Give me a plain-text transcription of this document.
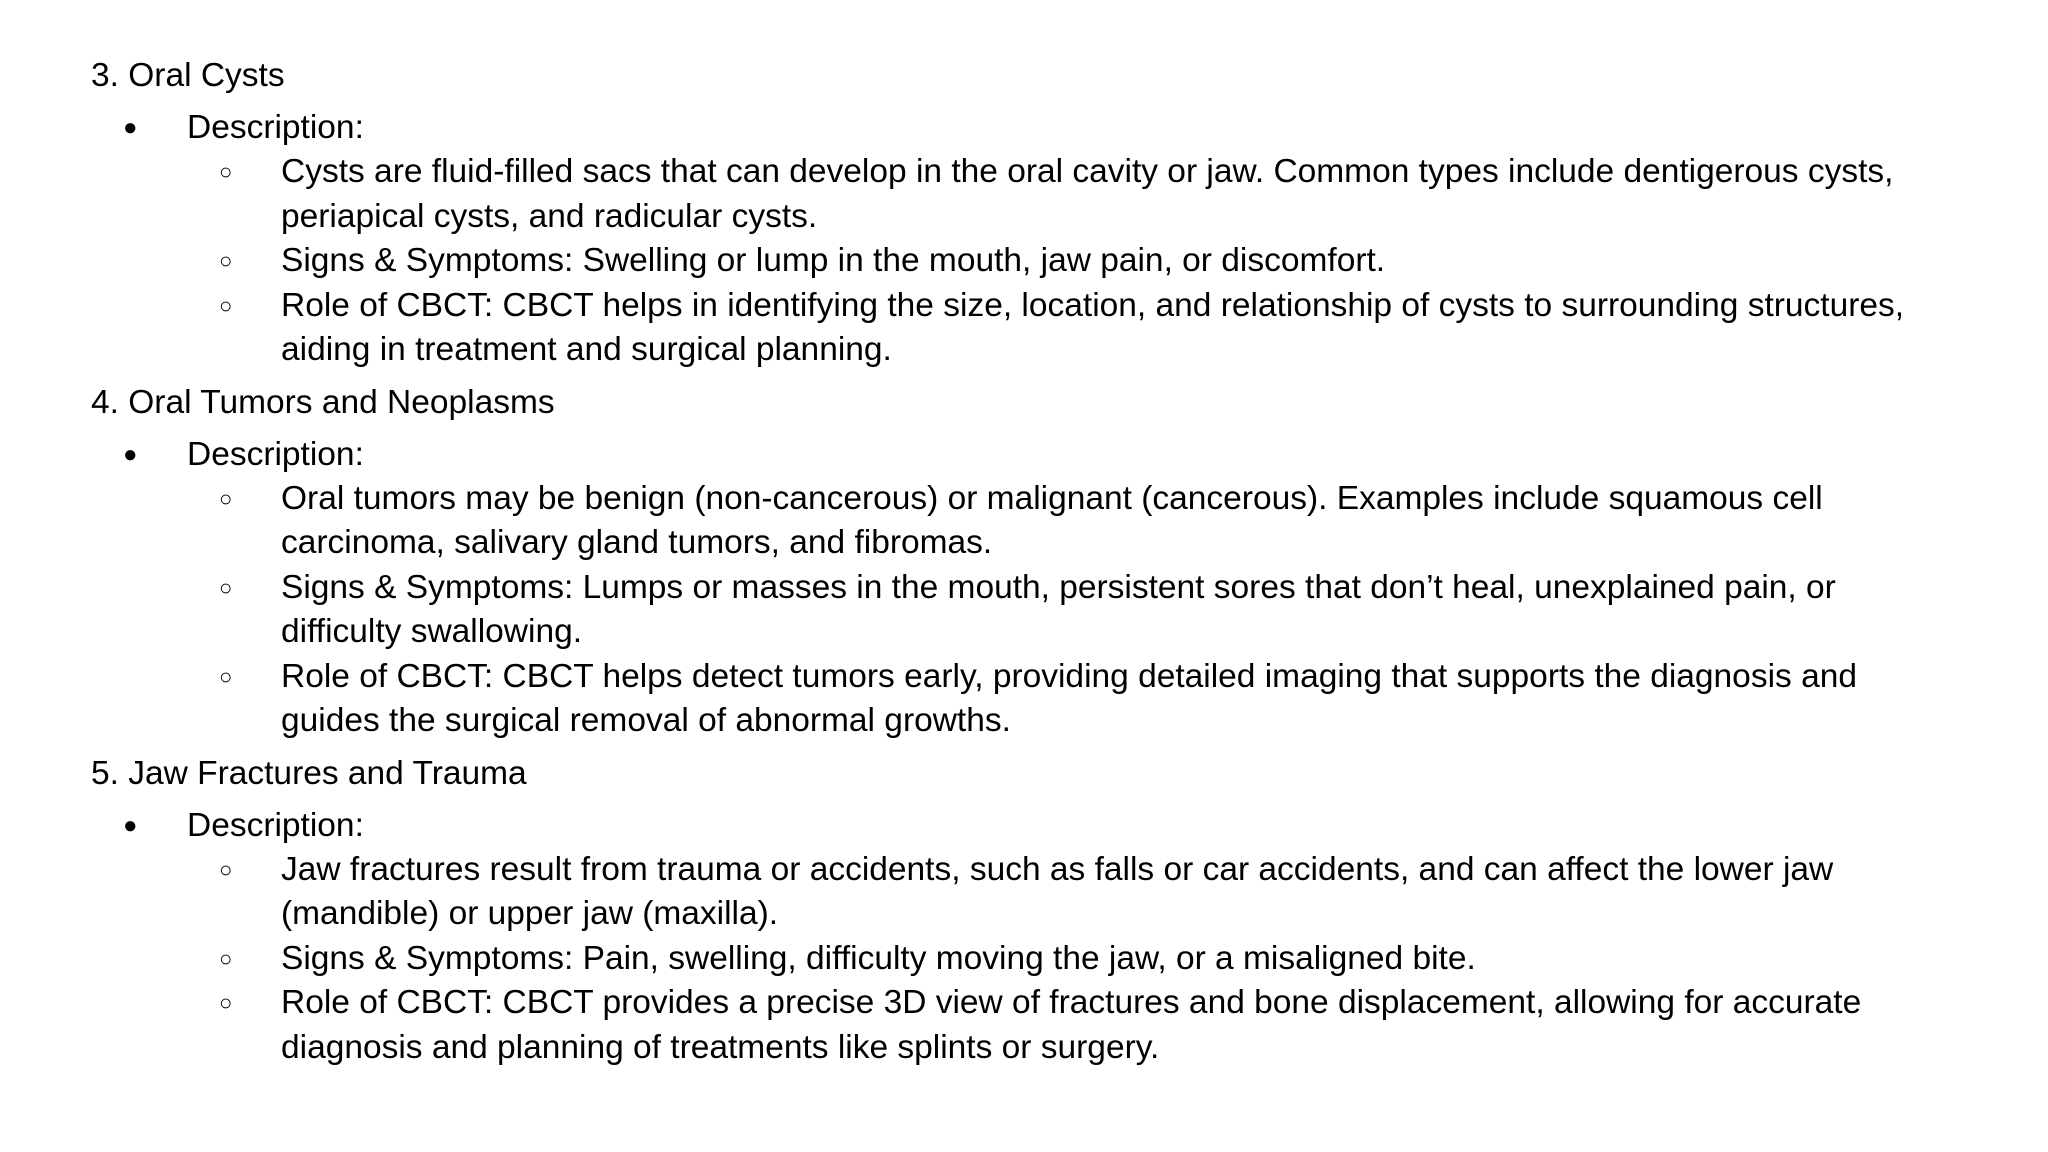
3. Oral Cysts
● Description:
○ Cysts are fluid-filled sacs that can develop in the oral cavity or jaw. Common types include dentigerous cysts,
periapical cysts, and radicular cysts.
○ Signs & Symptoms: Swelling or lump in the mouth, jaw pain, or discomfort.
○ Role of CBCT: CBCT helps in identifying the size, location, and relationship of cysts to surrounding structures,
aiding in treatment and surgical planning.
4. Oral Tumors and Neoplasms
● Description:
○ Oral tumors may be benign (non-cancerous) or malignant (cancerous). Examples include squamous cell
carcinoma, salivary gland tumors, and fibromas.
○ Signs & Symptoms: Lumps or masses in the mouth, persistent sores that don’t heal, unexplained pain, or
difficulty swallowing.
○ Role of CBCT: CBCT helps detect tumors early, providing detailed imaging that supports the diagnosis and
guides the surgical removal of abnormal growths.
5. Jaw Fractures and Trauma
● Description:
○ Jaw fractures result from trauma or accidents, such as falls or car accidents, and can affect the lower jaw
(mandible) or upper jaw (maxilla).
○ Signs & Symptoms: Pain, swelling, difficulty moving the jaw, or a misaligned bite.
○ Role of CBCT: CBCT provides a precise 3D view of fractures and bone displacement, allowing for accurate
diagnosis and planning of treatments like splints or surgery.
